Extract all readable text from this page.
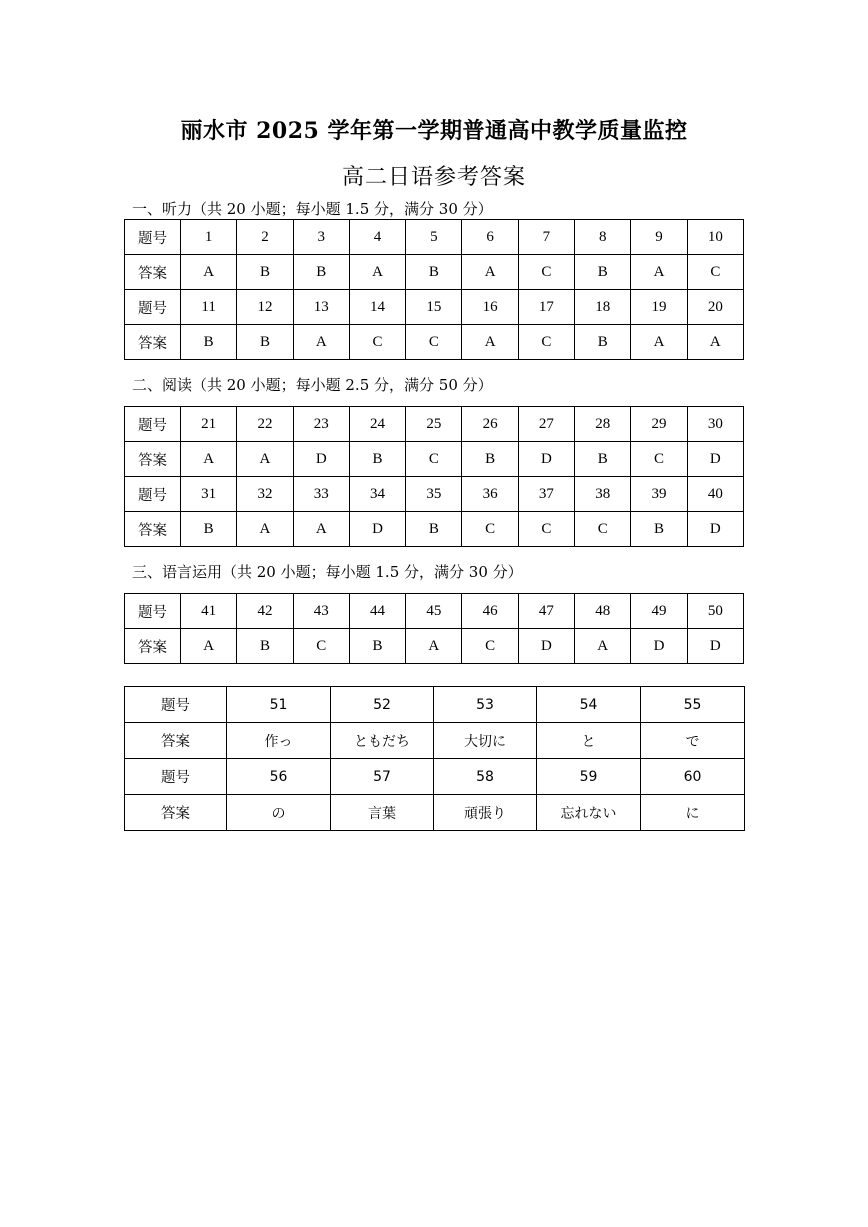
丽水市 2025 学年第一学期普通高中教学质量监控
高二日语参考答案
一、听力（共 20 小题；每小题 1.5 分，满分 30 分）
题号	1	2	3	4	5	6	7	8	9	10
答案	A	B	B	A	B	A	C	B	A	C
题号	11	12	13	14	15	16	17	18	19	20
答案	B	B	A	C	C	A	C	B	A	A
二、阅读（共 20 小题；每小题 2.5 分，满分 50 分）
题号	21	22	23	24	25	26	27	28	29	30
答案	A	A	D	B	C	B	D	B	C	D
题号	31	32	33	34	35	36	37	38	39	40
答案	B	A	A	D	B	C	C	C	B	D
三、语言运用（共 20 小题；每小题 1.5 分，满分 30 分）
题号	41	42	43	44	45	46	47	48	49	50
答案	A	B	C	B	A	C	D	A	D	D
题号	51	52	53	54	55
答案	作っ	ともだち	大切に	と	で
题号	56	57	58	59	60
答案	の	言葉	頑張り	忘れない	に
